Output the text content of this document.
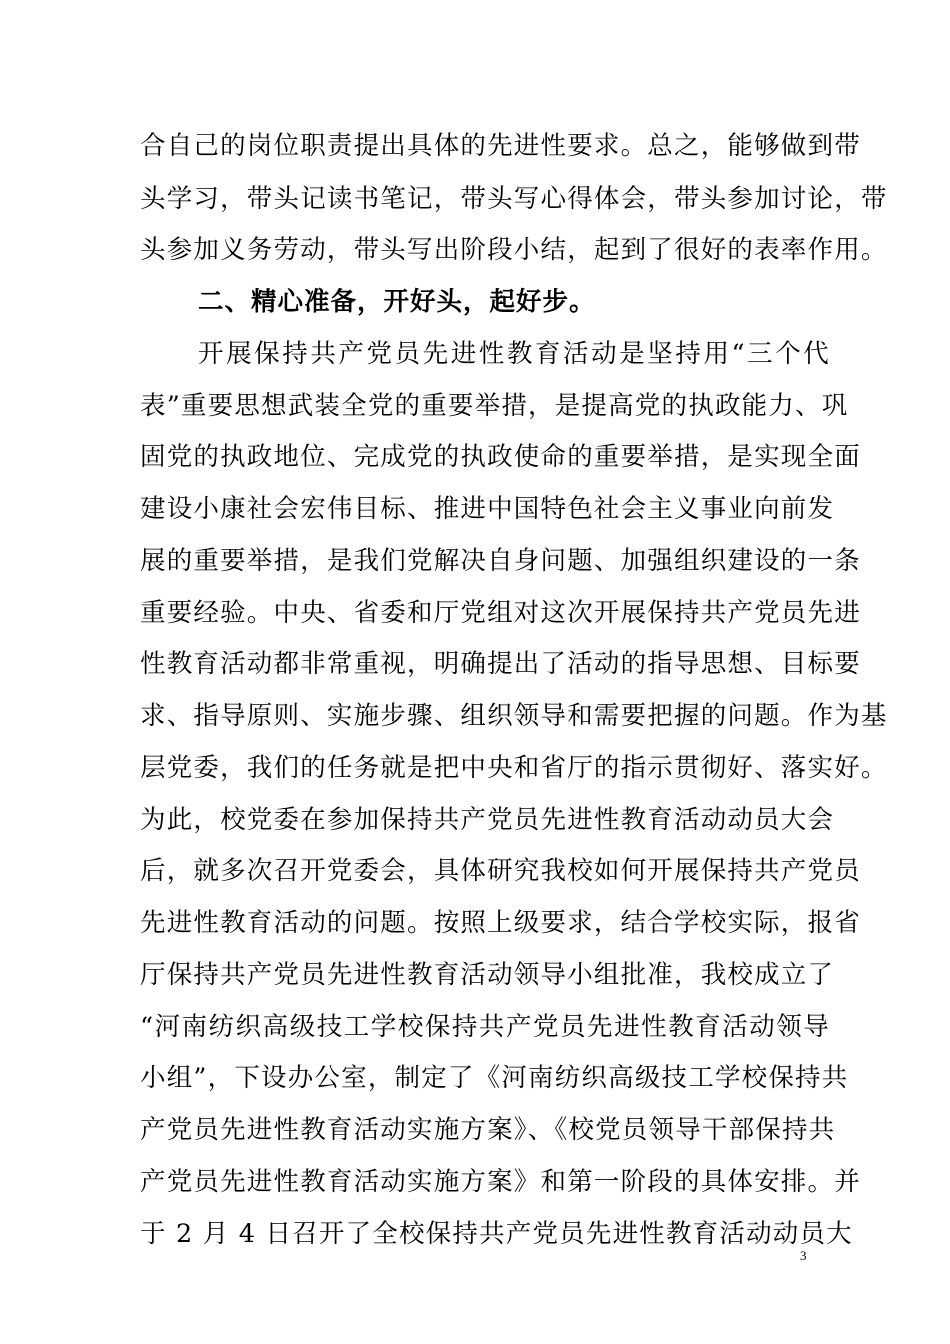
合自己的岗位职责提出具体的先进性要求。总之，能够做到带
头学习，带头记读书笔记，带头写心得体会，带头参加讨论，带
头参加义务劳动，带头写出阶段小结，起到了很好的表率作用。
二、精心准备，开好头，起好步。
开展保持共产党员先进性教育活动是坚持用“三个代
表”重要思想武装全党的重要举措，是提高党的执政能力、巩
固党的执政地位、完成党的执政使命的重要举措，是实现全面
建设小康社会宏伟目标、推进中国特色社会主义事业向前发
展的重要举措，是我们党解决自身问题、加强组织建设的一条
重要经验。中央、省委和厅党组对这次开展保持共产党员先进
性教育活动都非常重视，明确提出了活动的指导思想、目标要
求、指导原则、实施步骤、组织领导和需要把握的问题。作为基
层党委，我们的任务就是把中央和省厅的指示贯彻好、落实好。
为此，校党委在参加保持共产党员先进性教育活动动员大会
后，就多次召开党委会，具体研究我校如何开展保持共产党员
先进性教育活动的问题。按照上级要求，结合学校实际，报省
厅保持共产党员先进性教育活动领导小组批准，我校成立了
“河南纺织高级技工学校保持共产党员先进性教育活动领导
小组”，下设办公室，制定了《河南纺织高级技工学校保持共
产党员先进性教育活动实施方案》、《校党员领导干部保持共
产党员先进性教育活动实施方案》和第一阶段的具体安排。并
于 2 月 4 日召开了全校保持共产党员先进性教育活动动员大
3
